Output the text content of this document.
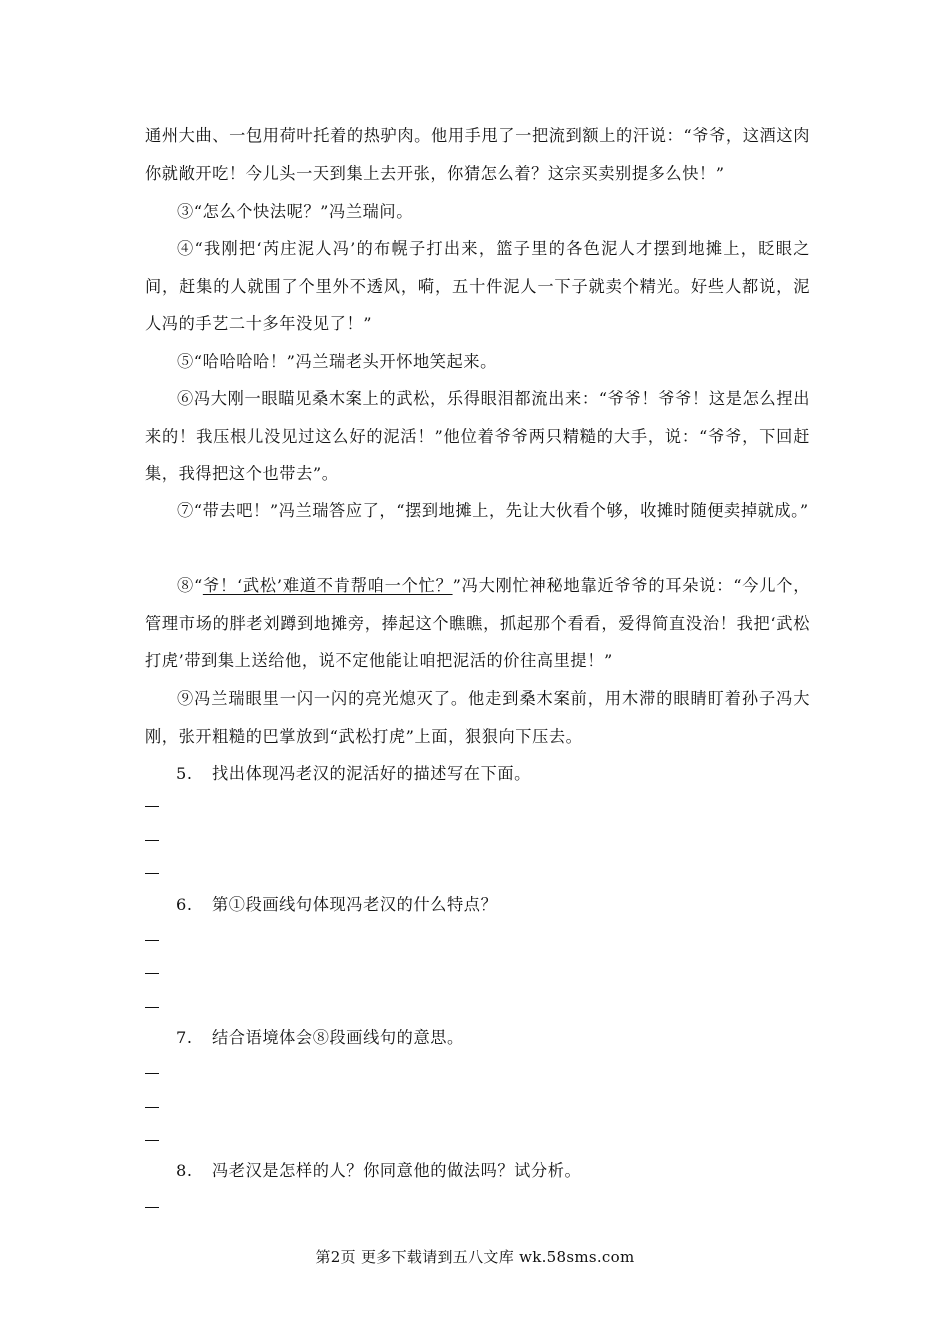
通州大曲、一包用荷叶托着的热驴肉。他用手甩了一把流到额上的汗说：“爷爷，这酒这肉你就敞开吃！今儿头一天到集上去开张，你猜怎么着？这宗买卖别提多么快！”

③“怎么个快法呢？”冯兰瑞问。

④“我刚把‘芮庄泥人冯’的布幌子打出来，篮子里的各色泥人才摆到地摊上，眨眼之间，赶集的人就围了个里外不透风，嗬，五十件泥人一下子就卖个精光。好些人都说，泥人冯的手艺二十多年没见了！”

⑤“哈哈哈哈！”冯兰瑞老头开怀地笑起来。

⑥冯大刚一眼瞄见桑木案上的武松，乐得眼泪都流出来：“爷爷！爷爷！这是怎么捏出来的！我压根儿没见过这么好的泥活！”他位着爷爷两只精糙的大手，说：“爷爷，下回赶集，我得把这个也带去”。

⑦“带去吧！”冯兰瑞答应了，“摆到地摊上，先让大伙看个够，收摊时随便卖掉就成。”

⑧“爷！‘武松’难道不肯帮咱一个忙？”冯大刚忙神秘地靠近爷爷的耳朵说：“今儿个，管理市场的胖老刘蹲到地摊旁，捧起这个瞧瞧，抓起那个看看，爱得简直没治！我把‘武松打虎’带到集上送给他，说不定他能让咱把泥活的价往高里提！”

⑨冯兰瑞眼里一闪一闪的亮光熄灭了。他走到桑木案前，用木滞的眼睛盯着孙子冯大刚，张开粗糙的巴掌放到“武松打虎”上面，狠狠向下压去。

5. 找出体现冯老汉的泥活好的描述写在下面。
6. 第①段画线句体现冯老汉的什么特点？
7. 结合语境体会⑧段画线句的意思。
8. 冯老汉是怎样的人？你同意他的做法吗？试分析。
第2页 更多下载请到五八文库 wk.58sms.com
